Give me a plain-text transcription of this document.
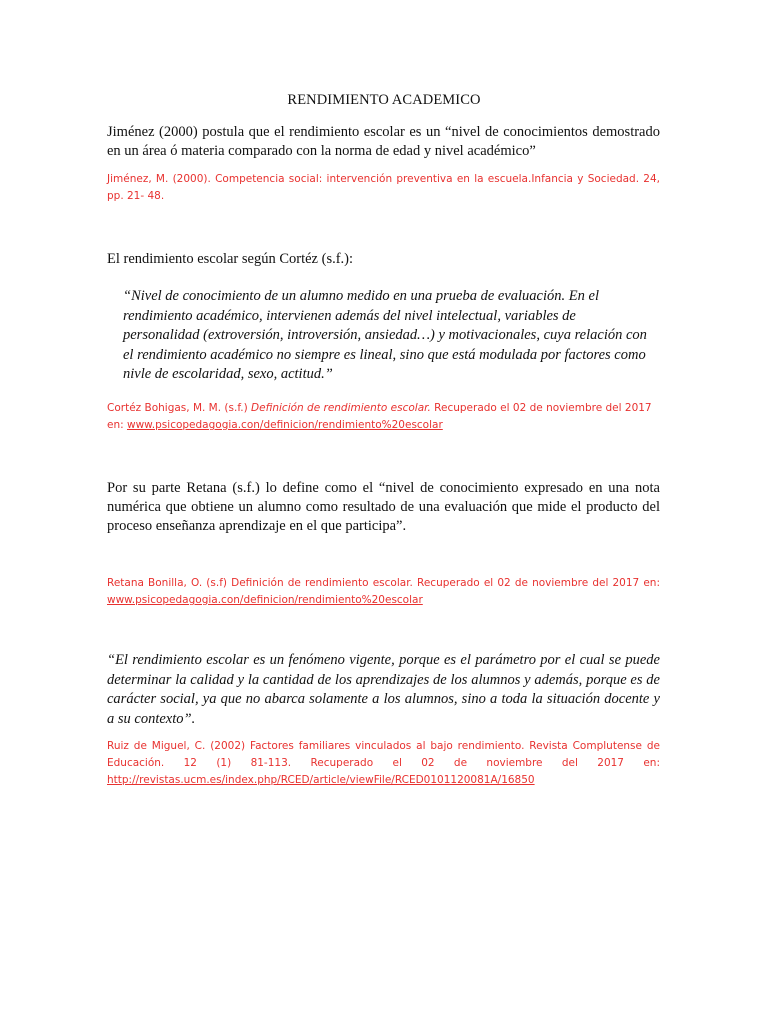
RENDIMIENTO ACADEMICO
Jiménez (2000) postula que el rendimiento escolar es un “nivel de conocimientos demostrado en un área ó materia comparado con la norma de edad y nivel académico”
Jiménez, M. (2000). Competencia social: intervención preventiva en la escuela.Infancia y Sociedad. 24, pp. 21- 48.
El rendimiento escolar según Cortéz (s.f.):
“Nivel de conocimiento de un alumno medido en una prueba de evaluación. En el rendimiento académico, intervienen además del nivel intelectual, variables de personalidad (extroversión, introversión, ansiedad…) y motivacionales, cuya relación con el rendimiento académico no siempre es lineal, sino que está modulada por factores como nivle de escolaridad, sexo, actitud.”
Cortéz Bohigas, M. M. (s.f.) Definición de rendimiento escolar. Recuperado el 02 de noviembre del 2017 en: www.psicopedagogia.con/definicion/rendimiento%20escolar
Por su parte Retana (s.f.) lo define como el “nivel de conocimiento expresado en una nota numérica que obtiene un alumno como resultado de una evaluación que mide el producto del proceso enseñanza aprendizaje en el que participa”.
Retana Bonilla, O. (s.f) Definición de rendimiento escolar. Recuperado el 02 de noviembre del 2017 en: www.psicopedagogia.con/definicion/rendimiento%20escolar
“El rendimiento escolar es un fenómeno vigente, porque es el parámetro por el cual se puede determinar la calidad y la cantidad de los aprendizajes de los alumnos y además, porque es de carácter social, ya que no abarca solamente a los alumnos, sino a toda la situación docente y a su contexto”.
Ruiz de Miguel, C. (2002) Factores familiares vinculados al bajo rendimiento. Revista Complutense de Educación. 12 (1) 81-113. Recuperado el 02 de noviembre del 2017 en: http://revistas.ucm.es/index.php/RCED/article/viewFile/RCED0101120081A/16850
